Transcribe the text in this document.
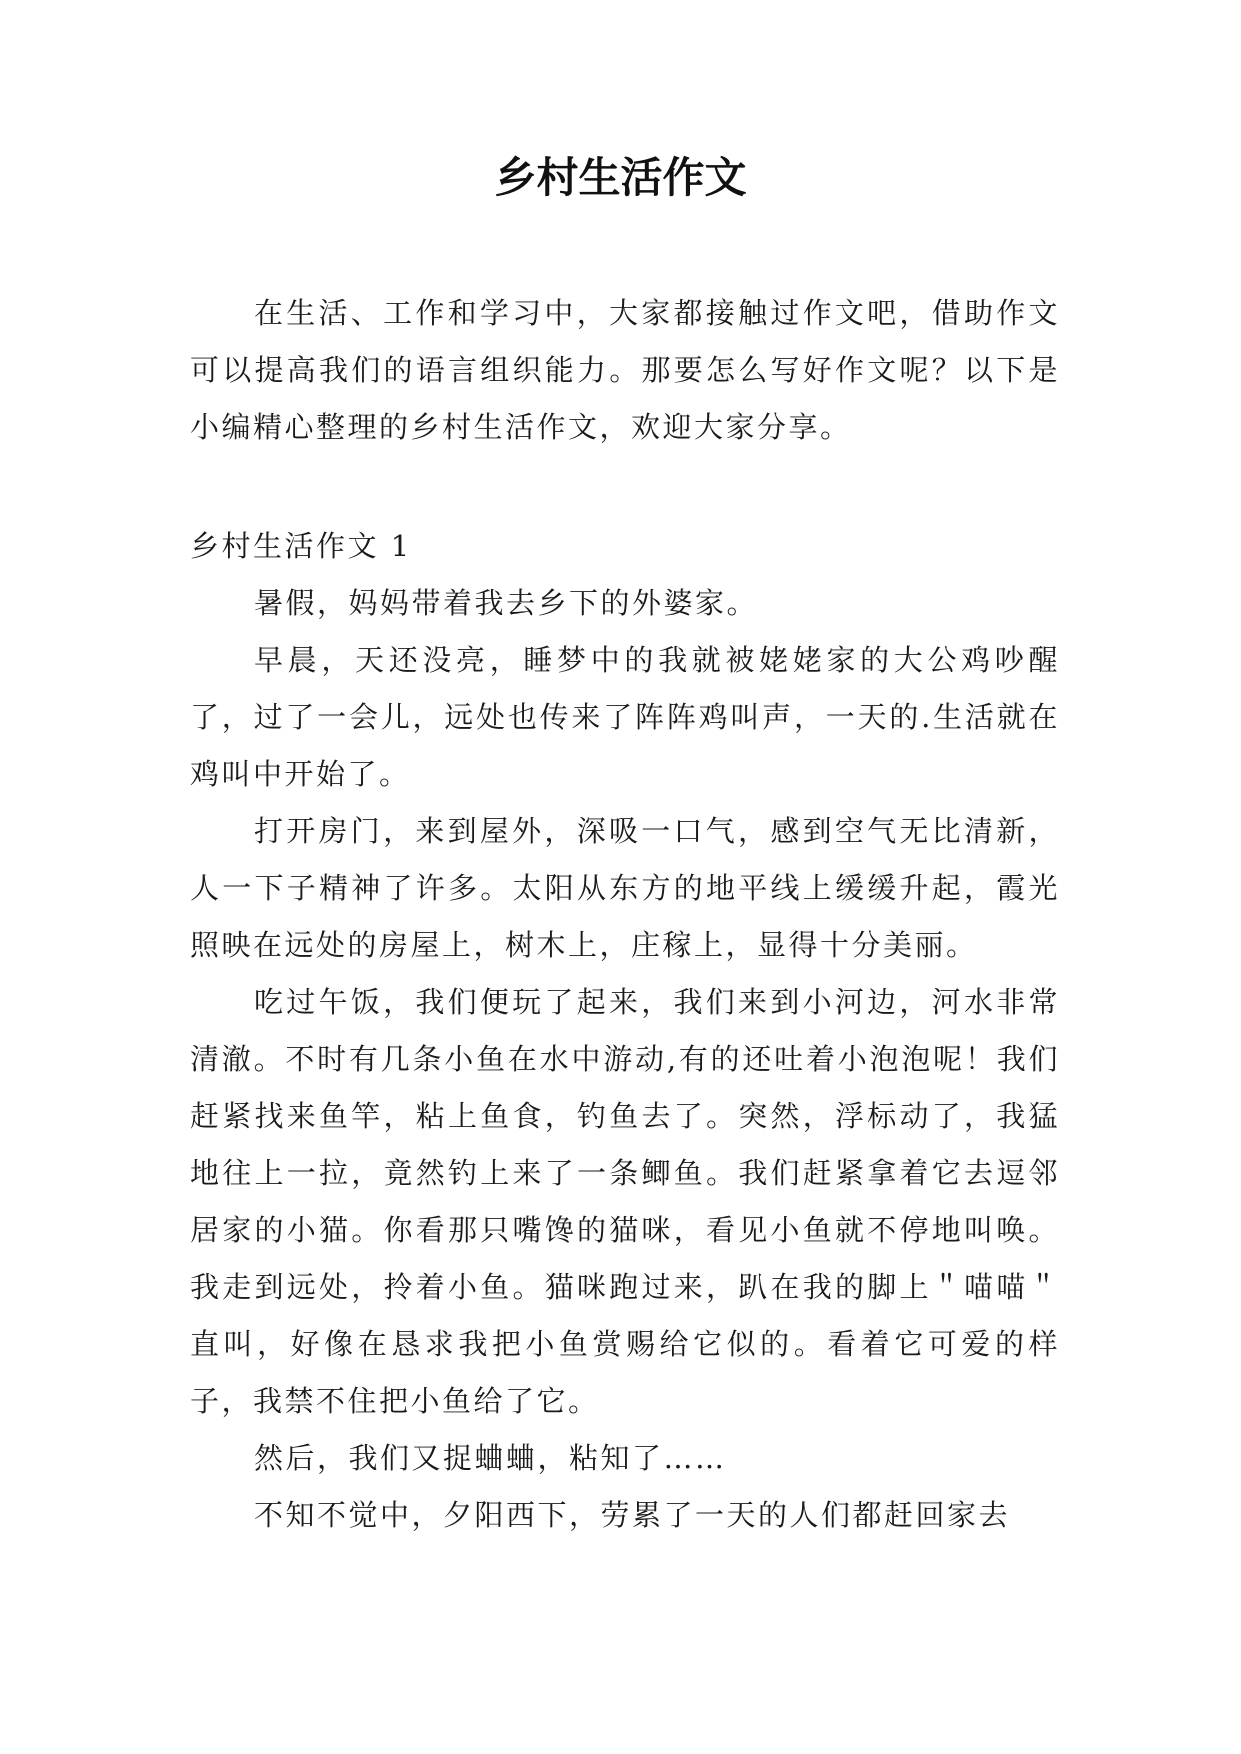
乡村生活作文

在生活、工作和学习中，大家都接触过作文吧，借助作文可以提高我们的语言组织能力。那要怎么写好作文呢？以下是小编精心整理的乡村生活作文，欢迎大家分享。

乡村生活作文 1

暑假，妈妈带着我去乡下的外婆家。

早晨，天还没亮，睡梦中的我就被姥姥家的大公鸡吵醒了，过了一会儿，远处也传来了阵阵鸡叫声，一天的.生活就在鸡叫中开始了。

打开房门，来到屋外，深吸一口气，感到空气无比清新，人一下子精神了许多。太阳从东方的地平线上缓缓升起，霞光照映在远处的房屋上，树木上，庄稼上，显得十分美丽。

吃过午饭，我们便玩了起来，我们来到小河边，河水非常清澈。不时有几条小鱼在水中游动,有的还吐着小泡泡呢！我们赶紧找来鱼竿，粘上鱼食，钓鱼去了。突然，浮标动了，我猛地往上一拉，竟然钓上来了一条鲫鱼。我们赶紧拿着它去逗邻居家的小猫。你看那只嘴馋的猫咪，看见小鱼就不停地叫唤。我走到远处，拎着小鱼。猫咪跑过来，趴在我的脚上＂喵喵＂直叫，好像在恳求我把小鱼赏赐给它似的。看着它可爱的样子，我禁不住把小鱼给了它。

然后，我们又捉蛐蛐，粘知了……

不知不觉中，夕阳西下，劳累了一天的人们都赶回家去
